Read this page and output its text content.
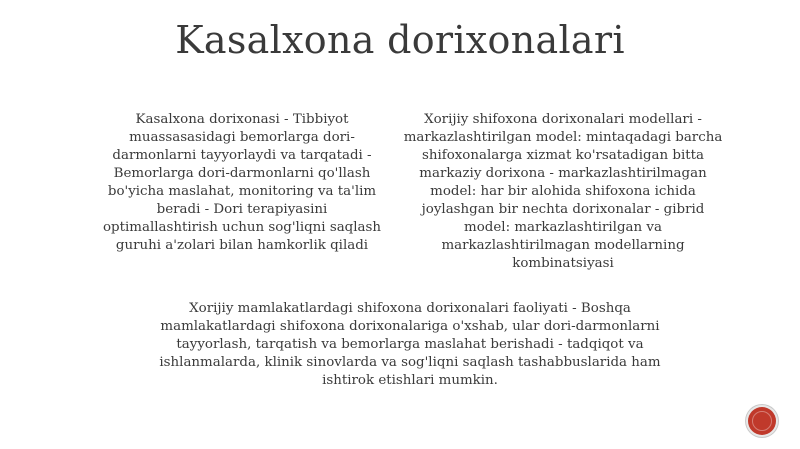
Kasalxona dorixonalari

Kasalxona dorixonasi - Tibbiyot muassasasidagi bemorlarga dori-darmonlarni tayyorlaydi va tarqatadi - Bemorlarga dori-darmonlarni qo'llash bo'yicha maslahat, monitoring va ta'lim beradi - Dori terapiyasini optimallashtirish uchun sog'liqni saqlash guruhi a'zolari bilan hamkorlik qiladi

Xorijiy shifoxona dorixonalari modellari - markazlashtirilgan model: mintaqadagi barcha shifoxonalarga xizmat ko'rsatadigan bitta markaziy dorixona - markazlashtirilmagan model: har bir alohida shifoxona ichida joylashgan bir nechta dorixonalar - gibrid model: markazlashtirilgan va markazlashtirilmagan modellarning kombinatsiyasi

Xorijiy mamlakatlardagi shifoxona dorixonalari faoliyati - Boshqa mamlakatlardagi shifoxona dorixonalariga o'xshab, ular dori-darmonlarni tayyorlash, tarqatish va bemorlarga maslahat berishadi - tadqiqot va ishlanmalarda, klinik sinovlarda va sog'liqni saqlash tashabbuslarida ham ishtirok etishlari mumkin.
